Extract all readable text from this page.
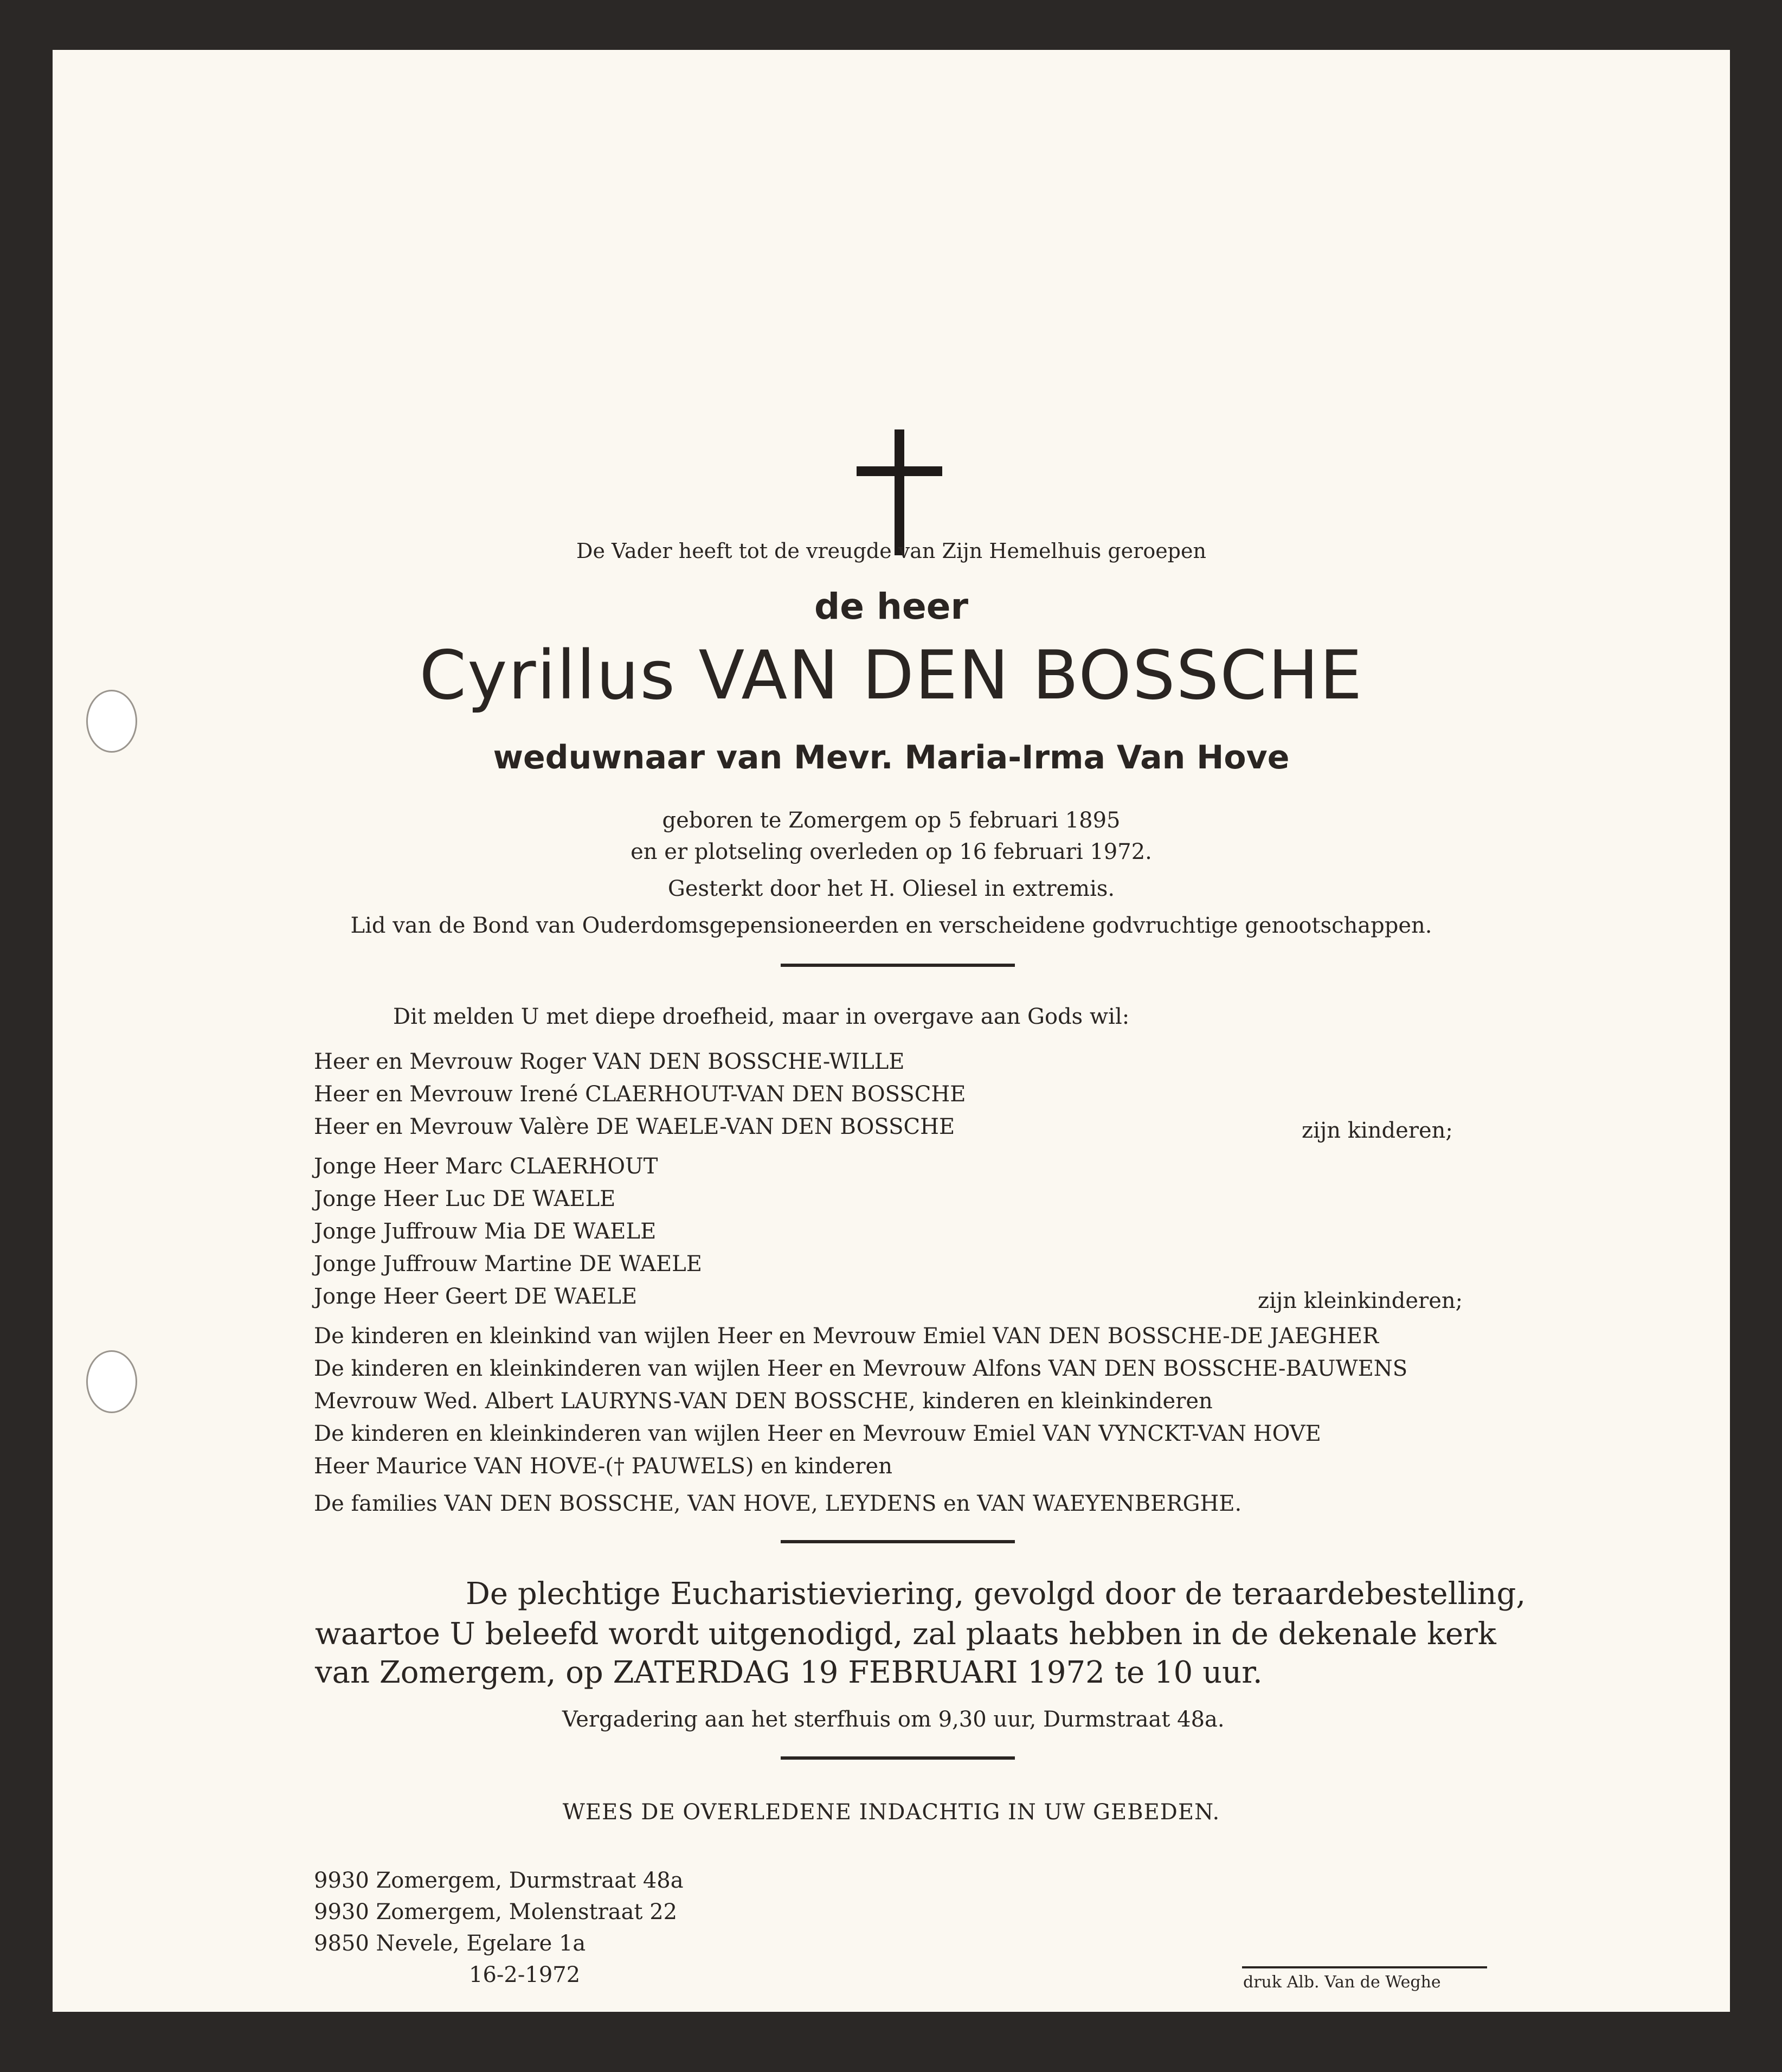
De Vader heeft tot de vreugde van Zijn Hemelhuis geroepen
de heer
Cyrillus VAN DEN BOSSCHE
weduwnaar van Mevr. Maria-Irma Van Hove
geboren te Zomergem op 5 februari 1895
en er plotseling overleden op 16 februari 1972.
Gesterkt door het H. Oliesel in extremis.
Lid van de Bond van Ouderdomsgepensioneerden en verscheidene godvruchtige genootschappen.
Dit melden U met diepe droefheid, maar in overgave aan Gods wil:
Heer en Mevrouw Roger VAN DEN BOSSCHE-WILLE
Heer en Mevrouw Irené CLAERHOUT-VAN DEN BOSSCHE
Heer en Mevrouw Valère DE WAELE-VAN DEN BOSSCHE	zijn kinderen;
Jonge Heer Marc CLAERHOUT
Jonge Heer Luc DE WAELE
Jonge Juffrouw Mia DE WAELE
Jonge Juffrouw Martine DE WAELE
Jonge Heer Geert DE WAELE	zijn kleinkinderen;
De kinderen en kleinkind van wijlen Heer en Mevrouw Emiel VAN DEN BOSSCHE-DE JAEGHER
De kinderen en kleinkinderen van wijlen Heer en Mevrouw Alfons VAN DEN BOSSCHE-BAUWENS
Mevrouw Wed. Albert LAURYNS-VAN DEN BOSSCHE, kinderen en kleinkinderen
De kinderen en kleinkinderen van wijlen Heer en Mevrouw Emiel VAN VYNCKT-VAN HOVE
Heer Maurice VAN HOVE-(† PAUWELS) en kinderen
De families VAN DEN BOSSCHE, VAN HOVE, LEYDENS en VAN WAEYENBERGHE.
De plechtige Eucharistieviering, gevolgd door de teraardebestelling,
waartoe U beleefd wordt uitgenodigd, zal plaats hebben in de dekenale kerk
van Zomergem, op ZATERDAG 19 FEBRUARI 1972 te 10 uur.
Vergadering aan het sterfhuis om 9,30 uur, Durmstraat 48a.
WEES DE OVERLEDENE INDACHTIG IN UW GEBEDEN.
9930 Zomergem, Durmstraat 48a
9930 Zomergem, Molenstraat 22
9850 Nevele, Egelare 1a
16-2-1972	druk Alb. Van de Weghe
